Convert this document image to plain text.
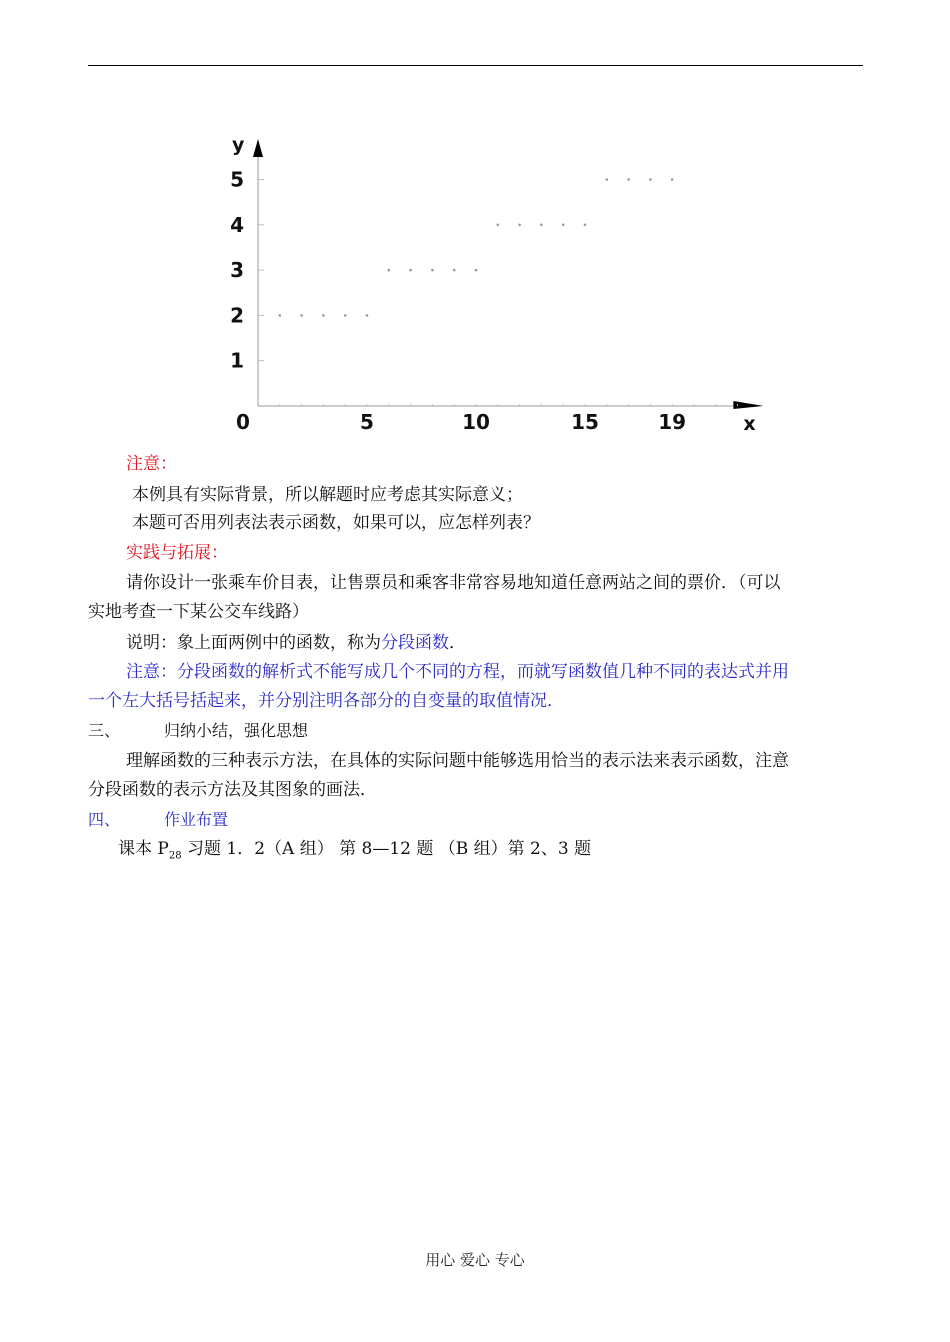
y
x
0	5	10	15	19
1
2
3
4
5
注意：
本例具有实际背景，所以解题时应考虑其实际意义；
本题可否用列表法表示函数，如果可以，应怎样列表？
实践与拓展：
请你设计一张乘车价目表，让售票员和乘客非常容易地知道任意两站之间的票价．（可以
实地考查一下某公交车线路）
说明：象上面两例中的函数，称为分段函数．
注意：分段函数的解析式不能写成几个不同的方程，而就写函数值几种不同的表达式并用
一个左大括号括起来，并分别注明各部分的自变量的取值情况．
三、	归纳小结，强化思想
理解函数的三种表示方法，在具体的实际问题中能够选用恰当的表示法来表示函数，注意
分段函数的表示方法及其图象的画法．
四、	作业布置
课本 $P_{28}$ 习题 1．2（A 组） 第 8—12 题 （B 组）第 2、3 题
用心 爱心 专心
